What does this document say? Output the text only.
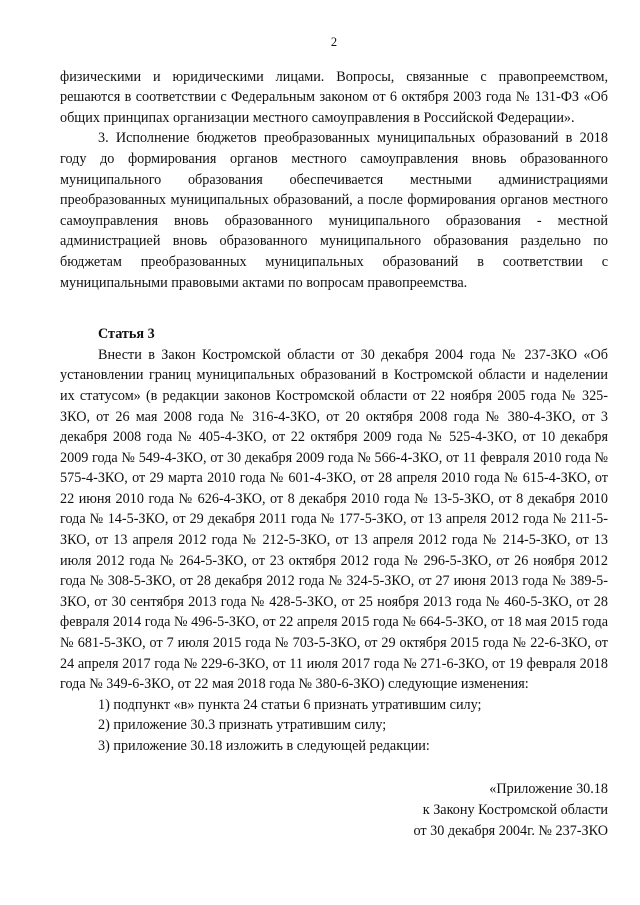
2

физическими и юридическими лицами. Вопросы, связанные с правопреемством, решаются в соответствии с Федеральным законом от 6 октября 2003 года № 131-ФЗ «Об общих принципах организации местного самоуправления в Российской Федерации».

3. Исполнение бюджетов преобразованных муниципальных образований в 2018 году до формирования органов местного самоуправления вновь образованного муниципального образования обеспечивается местными администрациями преобразованных муниципальных образований, а после формирования органов местного самоуправления вновь образованного муниципального образования - местной администрацией вновь образованного муниципального образования раздельно по бюджетам преобразованных муниципальных образований в соответствии с муниципальными правовыми актами по вопросам правопреемства.

Статья 3

Внести в Закон Костромской области от 30 декабря 2004 года № 237-ЗКО «Об установлении границ муниципальных образований в Костромской области и наделении их статусом» (в редакции законов Костромской области от 22 ноября 2005 года № 325-ЗКО, от 26 мая 2008 года № 316-4-ЗКО, от 20 октября 2008 года № 380-4-ЗКО, от 3 декабря 2008 года № 405-4-ЗКО, от 22 октября 2009 года № 525-4-ЗКО, от 10 декабря 2009 года № 549-4-ЗКО, от 30 декабря 2009 года № 566-4-ЗКО, от 11 февраля 2010 года № 575-4-ЗКО, от 29 марта 2010 года № 601-4-ЗКО, от 28 апреля 2010 года № 615-4-ЗКО, от 22 июня 2010 года № 626-4-ЗКО, от 8 декабря 2010 года № 13-5-ЗКО, от 8 декабря 2010 года № 14-5-ЗКО, от 29 декабря 2011 года № 177-5-ЗКО, от 13 апреля 2012 года № 211-5-ЗКО, от 13 апреля 2012 года № 212-5-ЗКО, от 13 апреля 2012 года № 214-5-ЗКО, от 13 июля 2012 года № 264-5-ЗКО, от 23 октября 2012 года № 296-5-ЗКО, от 26 ноября 2012 года № 308-5-ЗКО, от 28 декабря 2012 года № 324-5-ЗКО, от 27 июня 2013 года № 389-5-ЗКО, от 30 сентября 2013 года № 428-5-ЗКО, от 25 ноября 2013 года № 460-5-ЗКО, от 28 февраля 2014 года № 496-5-ЗКО, от 22 апреля 2015 года № 664-5-ЗКО, от 18 мая 2015 года № 681-5-ЗКО, от 7 июля 2015 года № 703-5-ЗКО, от 29 октября 2015 года № 22-6-ЗКО, от 24 апреля 2017 года № 229-6-ЗКО, от 11 июля 2017 года № 271-6-ЗКО, от 19 февраля 2018 года № 349-6-ЗКО, от 22 мая 2018 года № 380-6-ЗКО) следующие изменения:

1) подпункт «в» пункта 24 статьи 6 признать утратившим силу;
2) приложение 30.3 признать утратившим силу;
3) приложение 30.18 изложить в следующей редакции:
«Приложение 30.18
к Закону Костромской области
от 30 декабря 2004г. № 237-ЗКО
